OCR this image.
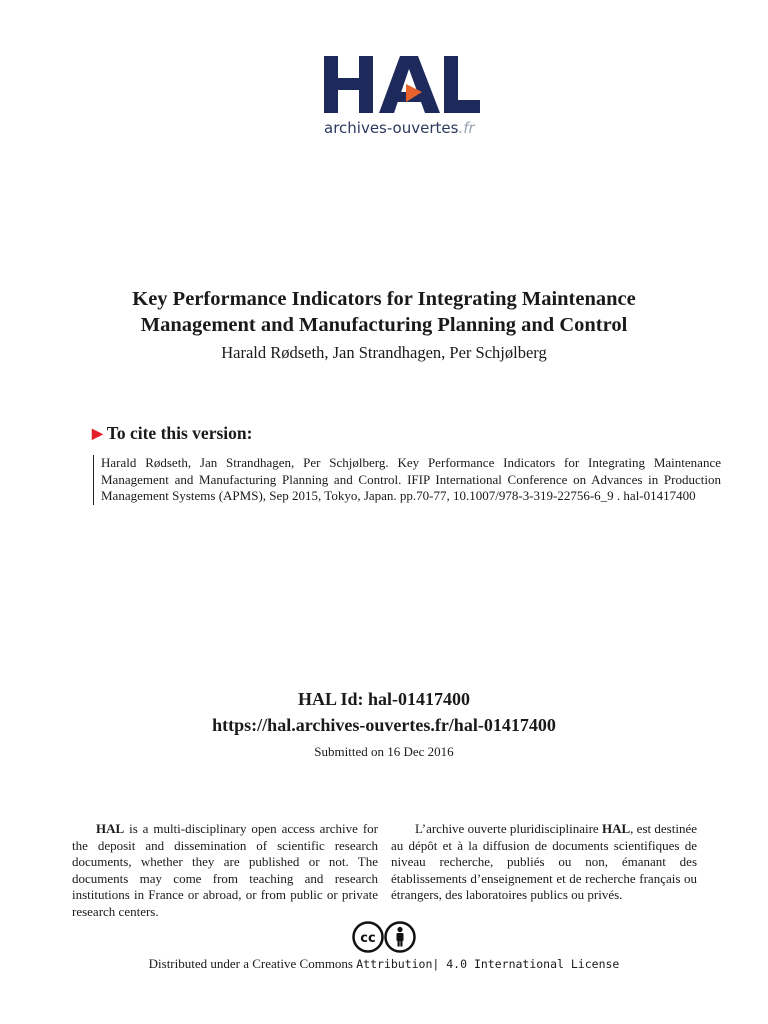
archives-ouvertes.fr
Key Performance Indicators for Integrating Maintenance
Management and Manufacturing Planning and Control
Harald Rødseth, Jan Strandhagen, Per Schjølberg
▶ To cite this version:

Harald Rødseth, Jan Strandhagen, Per Schjølberg. Key Performance Indicators for Integrating Maintenance Management and Manufacturing Planning and Control. IFIP International Conference on Advances in Production Management Systems (APMS), Sep 2015, Tokyo, Japan. pp.70-77, 10.1007/978-3-319-22756-6_9 . hal-01417400

HAL Id: hal-01417400
https://hal.archives-ouvertes.fr/hal-01417400
Submitted on 16 Dec 2016

HAL is a multi-disciplinary open access archive for the deposit and dissemination of scientific research documents, whether they are published or not. The documents may come from teaching and research institutions in France or abroad, or from public or private research centers.

L’archive ouverte pluridisciplinaire HAL, est destinée au dépôt et à la diffusion de documents scientifiques de niveau recherche, publiés ou non, émanant des établissements d’enseignement et de recherche français ou étrangers, des laboratoires publics ou privés.

cc
Distributed under a Creative Commons Attribution| 4.0 International License
